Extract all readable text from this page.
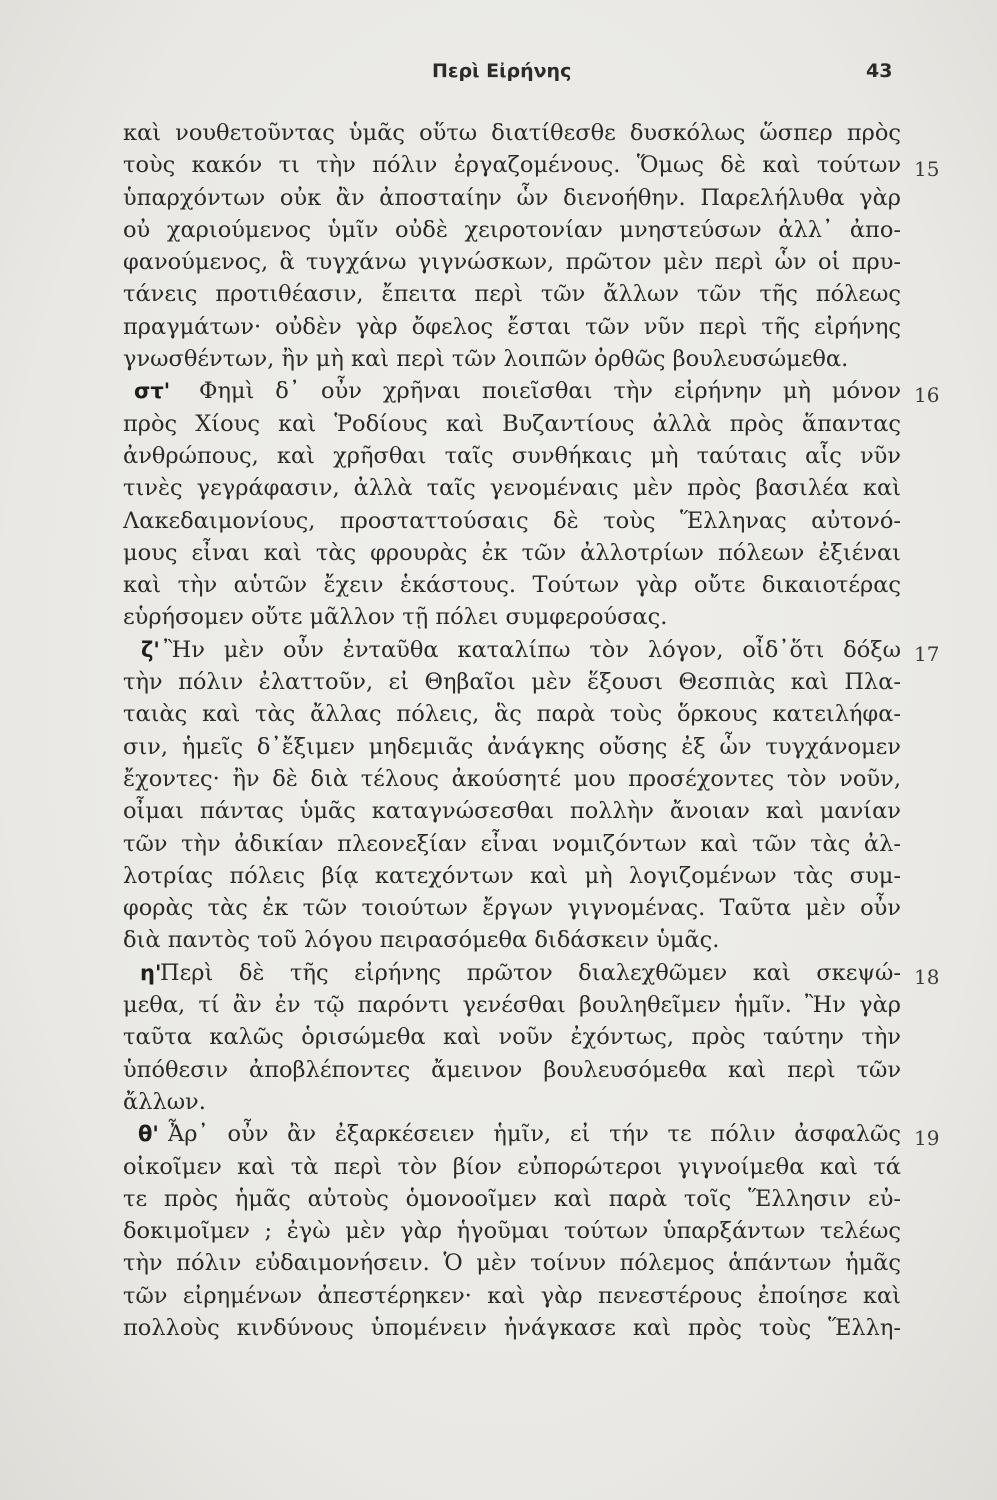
Περὶ Εἰρήνης	43
καὶ νουθετοῦντας ὑμᾶς οὕτω διατίθεσθε δυσκόλως ὥσπερ πρὸς
τοὺς κακόν τι τὴν πόλιν ἐργαζομένους. Ὅμως δὲ καὶ τούτων 15
ὑπαρχόντων οὐκ ἂν ἀποσταίην ὧν διενοήθην. Παρελήλυθα γὰρ
οὐ χαριούμενος ὑμῖν οὐδὲ χειροτονίαν μνηστεύσων ἀλλ᾽ ἀπο-
φανούμενος, ἃ τυγχάνω γιγνώσκων, πρῶτον μὲν περὶ ὧν οἱ πρυ-
τάνεις προτιθέασιν, ἔπειτα περὶ τῶν ἄλλων τῶν τῆς πόλεως
πραγμάτων· οὐδὲν γὰρ ὄφελος ἔσται τῶν νῦν περὶ τῆς εἰρήνης
γνωσθέντων, ἢν μὴ καὶ περὶ τῶν λοιπῶν ὀρθῶς βουλευσώμεθα.
στ' Φημὶ δ᾽ οὖν χρῆναι ποιεῖσθαι τὴν εἰρήνην μὴ μόνον 16
πρὸς Χίους καὶ Ῥοδίους καὶ Βυζαντίους ἀλλὰ πρὸς ἅπαντας
ἀνθρώπους, καὶ χρῆσθαι ταῖς συνθήκαις μὴ ταύταις αἷς νῦν
τινὲς γεγράφασιν, ἀλλὰ ταῖς γενομέναις μὲν πρὸς βασιλέα καὶ
Λακεδαιμονίους, προσταττούσαις δὲ τοὺς Ἕλληνας αὐτονό-
μους εἶναι καὶ τὰς φρουρὰς ἐκ τῶν ἀλλοτρίων πόλεων ἐξιέναι
καὶ τὴν αὑτῶν ἔχειν ἑκάστους. Τούτων γὰρ οὔτε δικαιοτέρας
εὑρήσομεν οὔτε μᾶλλον τῇ πόλει συμφερούσας.
ζ' Ἢν μὲν οὖν ἐνταῦθα καταλίπω τὸν λόγον, οἶδ᾽ὅτι δόξω 17
τὴν πόλιν ἐλαττοῦν, εἰ Θηβαῖοι μὲν ἕξουσι Θεσπιὰς καὶ Πλα-
ταιὰς καὶ τὰς ἄλλας πόλεις, ἃς παρὰ τοὺς ὅρκους κατειλήφα-
σιν, ἡμεῖς δ᾽ἔξιμεν μηδεμιᾶς ἀνάγκης οὔσης ἐξ ὧν τυγχάνομεν
ἔχοντες· ἢν δὲ διὰ τέλους ἀκούσητέ μου προσέχοντες τὸν νοῦν,
οἶμαι πάντας ὑμᾶς καταγνώσεσθαι πολλὴν ἄνοιαν καὶ μανίαν
τῶν τὴν ἀδικίαν πλεονεξίαν εἶναι νομιζόντων καὶ τῶν τὰς ἀλ-
λοτρίας πόλεις βίᾳ κατεχόντων καὶ μὴ λογιζομένων τὰς συμ-
φορὰς τὰς ἐκ τῶν τοιούτων ἔργων γιγνομένας. Ταῦτα μὲν οὖν
διὰ παντὸς τοῦ λόγου πειρασόμεθα διδάσκειν ὑμᾶς.
η'
Περὶ δὲ τῆς εἰρήνης πρῶτον διαλεχθῶμεν καὶ σκεψώ- 18
μεθα, τί ἂν ἐν τῷ παρόντι γενέσθαι βουληθεῖμεν ἡμῖν. Ἢν γὰρ
ταῦτα καλῶς ὁρισώμεθα καὶ νοῦν ἐχόντως, πρὸς ταύτην τὴν
ὑπόθεσιν ἀποβλέποντες ἄμεινον βουλευσόμεθα καὶ περὶ τῶν
ἄλλων.
θ' Ἆρ᾽ οὖν ἂν ἐξαρκέσειεν ἡμῖν, εἰ τήν τε πόλιν ἀσφαλῶς 19
οἰκοῖμεν καὶ τὰ περὶ τὸν βίον εὐπορώτεροι γιγνοίμεθα καὶ τά
τε πρὸς ἡμᾶς αὐτοὺς ὁμονοοῖμεν καὶ παρὰ τοῖς Ἕλλησιν εὐ-
δοκιμοῖμεν ; ἐγὼ μὲν γὰρ ἡγοῦμαι τούτων ὑπαρξάντων τελέως
τὴν πόλιν εὐδαιμονήσειν. Ὁ μὲν τοίνυν πόλεμος ἁπάντων ἡμᾶς
τῶν εἰρημένων ἀπεστέρηκεν· καὶ γὰρ πενεστέρους ἐποίησε καὶ
πολλοὺς κινδύνους ὑπομένειν ἠνάγκασε καὶ πρὸς τοὺς Ἕλλη-
